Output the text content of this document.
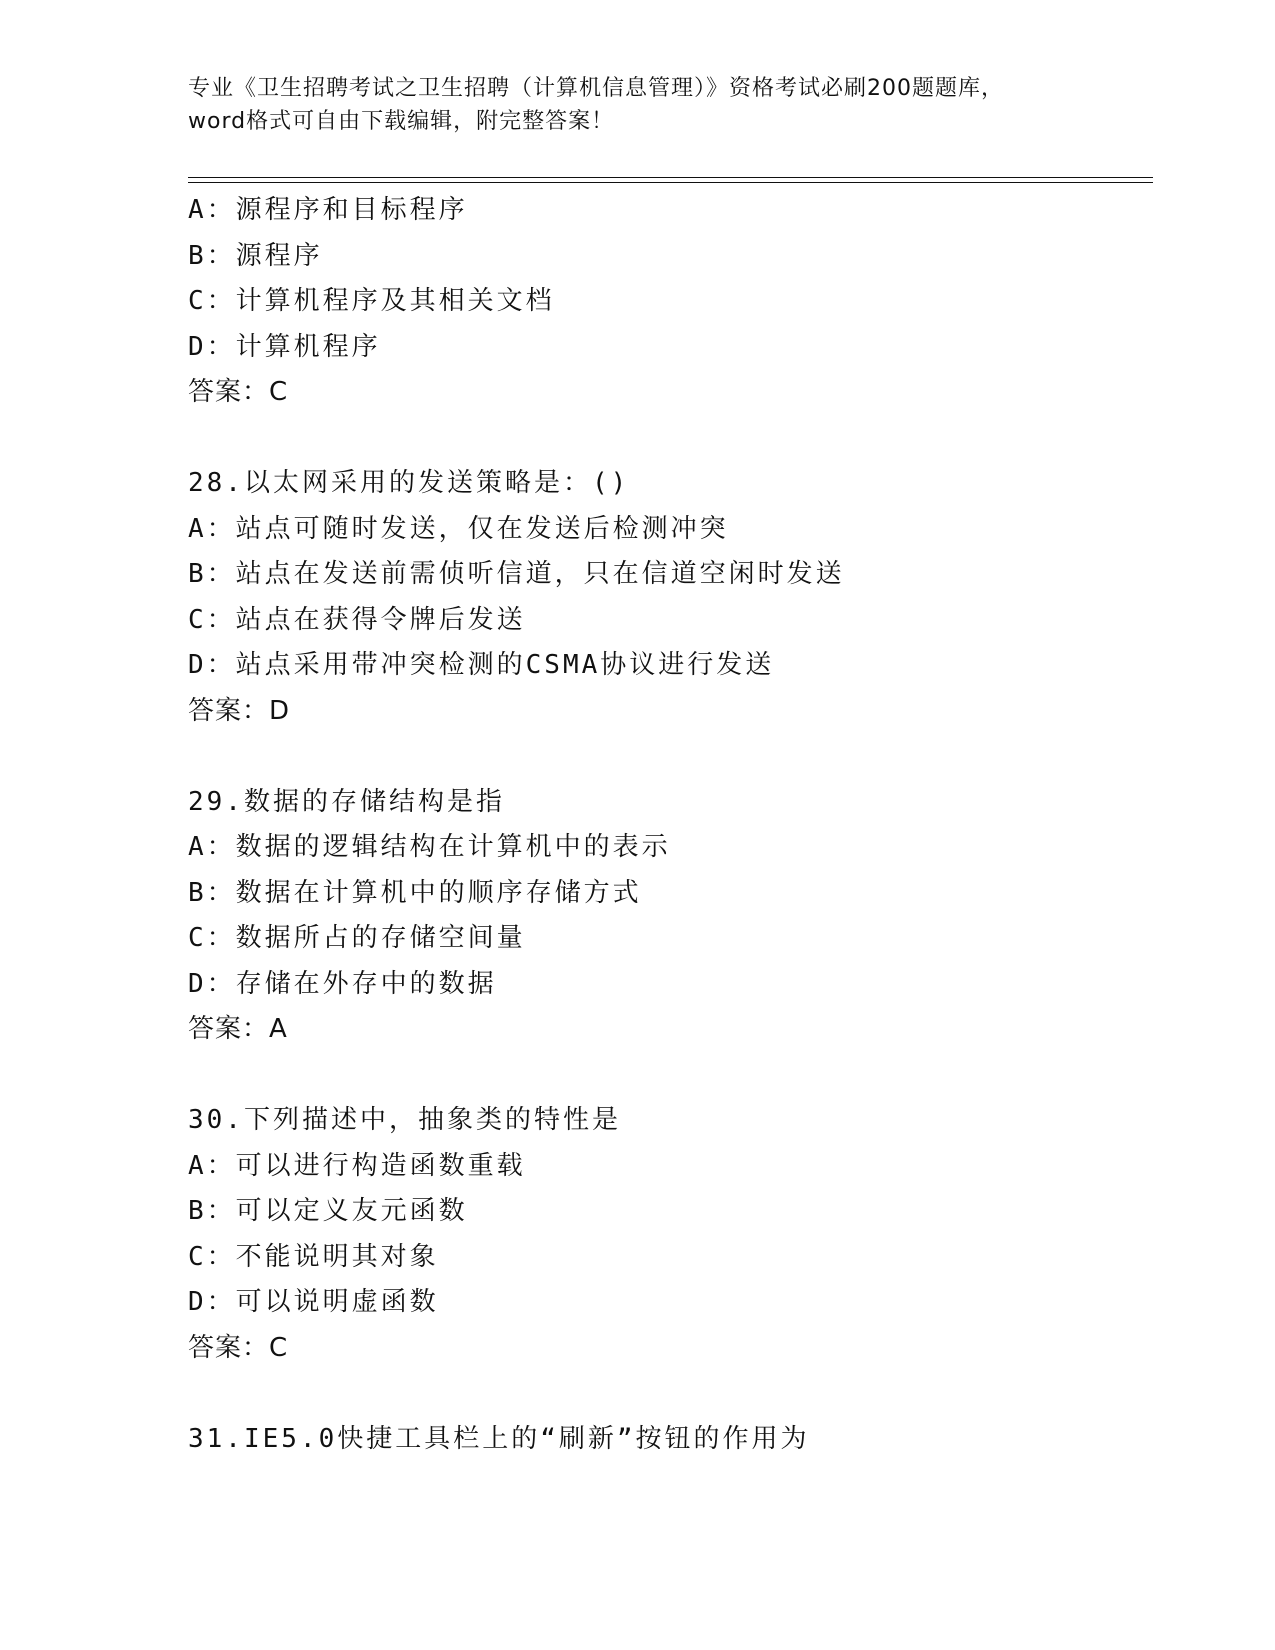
专业《卫生招聘考试之卫生招聘（计算机信息管理）》资格考试必刷200题题库，
word格式可自由下载编辑，附完整答案！
A：源程序和目标程序
B：源程序
C：计算机程序及其相关文档
D：计算机程序
答案：C
28.以太网采用的发送策略是：()
A：站点可随时发送，仅在发送后检测冲突
B：站点在发送前需侦听信道，只在信道空闲时发送
C：站点在获得令牌后发送
D：站点采用带冲突检测的CSMA协议进行发送
答案：D
29.数据的存储结构是指
A：数据的逻辑结构在计算机中的表示
B：数据在计算机中的顺序存储方式
C：数据所占的存储空间量
D：存储在外存中的数据
答案：A
30.下列描述中，抽象类的特性是
A：可以进行构造函数重载
B：可以定义友元函数
C：不能说明其对象
D：可以说明虚函数
答案：C
31.IE5.0快捷工具栏上的“刷新”按钮的作用为
